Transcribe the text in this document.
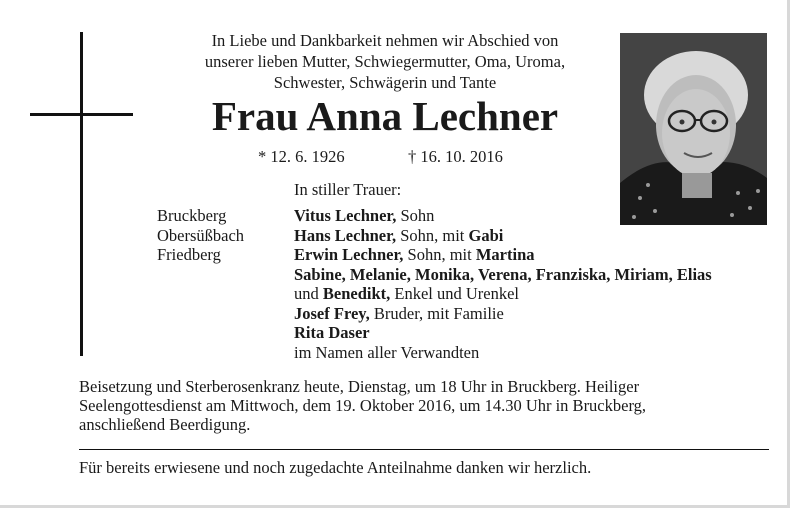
In Liebe und Dankbarkeit nehmen wir Abschied von
unserer lieben Mutter, Schwiegermutter, Oma, Uroma,
Schwester, Schwägerin und Tante
Frau Anna Lechner
* 12. 6. 1926	† 16. 10. 2016
In stiller Trauer:
Bruckberg
Obersüßbach
Friedberg
Vitus Lechner, Sohn
Hans Lechner, Sohn, mit Gabi
Erwin Lechner, Sohn, mit Martina
Sabine, Melanie, Monika, Verena, Franziska, Miriam, Elias
und Benedikt, Enkel und Urenkel
Josef Frey, Bruder, mit Familie
Rita Daser
im Namen aller Verwandten
Beisetzung und Sterberosenkranz heute, Dienstag, um 18 Uhr in Bruckberg. Heiliger
Seelengottesdienst am Mittwoch, dem 19. Oktober 2016, um 14.30 Uhr in Bruckberg,
anschließend Beerdigung.
Für bereits erwiesene und noch zugedachte Anteilnahme danken wir herzlich.
